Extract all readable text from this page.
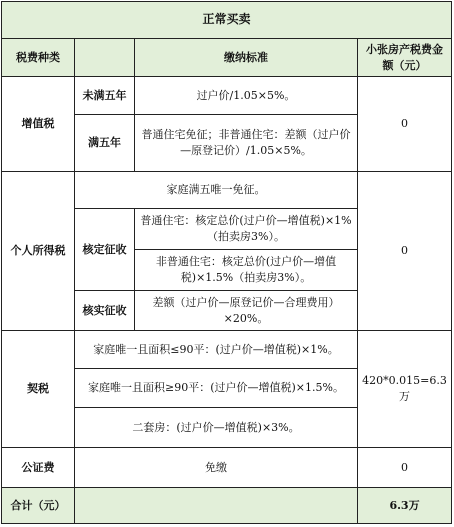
正常买卖			
税费种类		缴纳标准	小张房产税费金额（元）
增值税	未满五年	过户价/1.05×5%。	0
	满五年	普通住宅免征；非普通住宅：差额（过户价—原登记价）/1.05×5%。	
个人所得税	家庭满五唯一免征。		0
	核定征收	普通住宅：核定总价(过户价—增值税)×1%（拍卖房3%）。	
		非普通住宅：核定总价(过户价—增值税)×1.5%（拍卖房3%）。	
	核实征收	差额（过户价—原登记价—合理费用）×20%。	
契税	家庭唯一且面积≤90平：(过户价—增值税)×1%。		420*0.015=6.3万
	家庭唯一且面积≥90平：(过户价—增值税)×1.5%。		
	二套房：(过户价—增值税)×3%。		
公证费	免缴		0
合计（元）			6.3万
